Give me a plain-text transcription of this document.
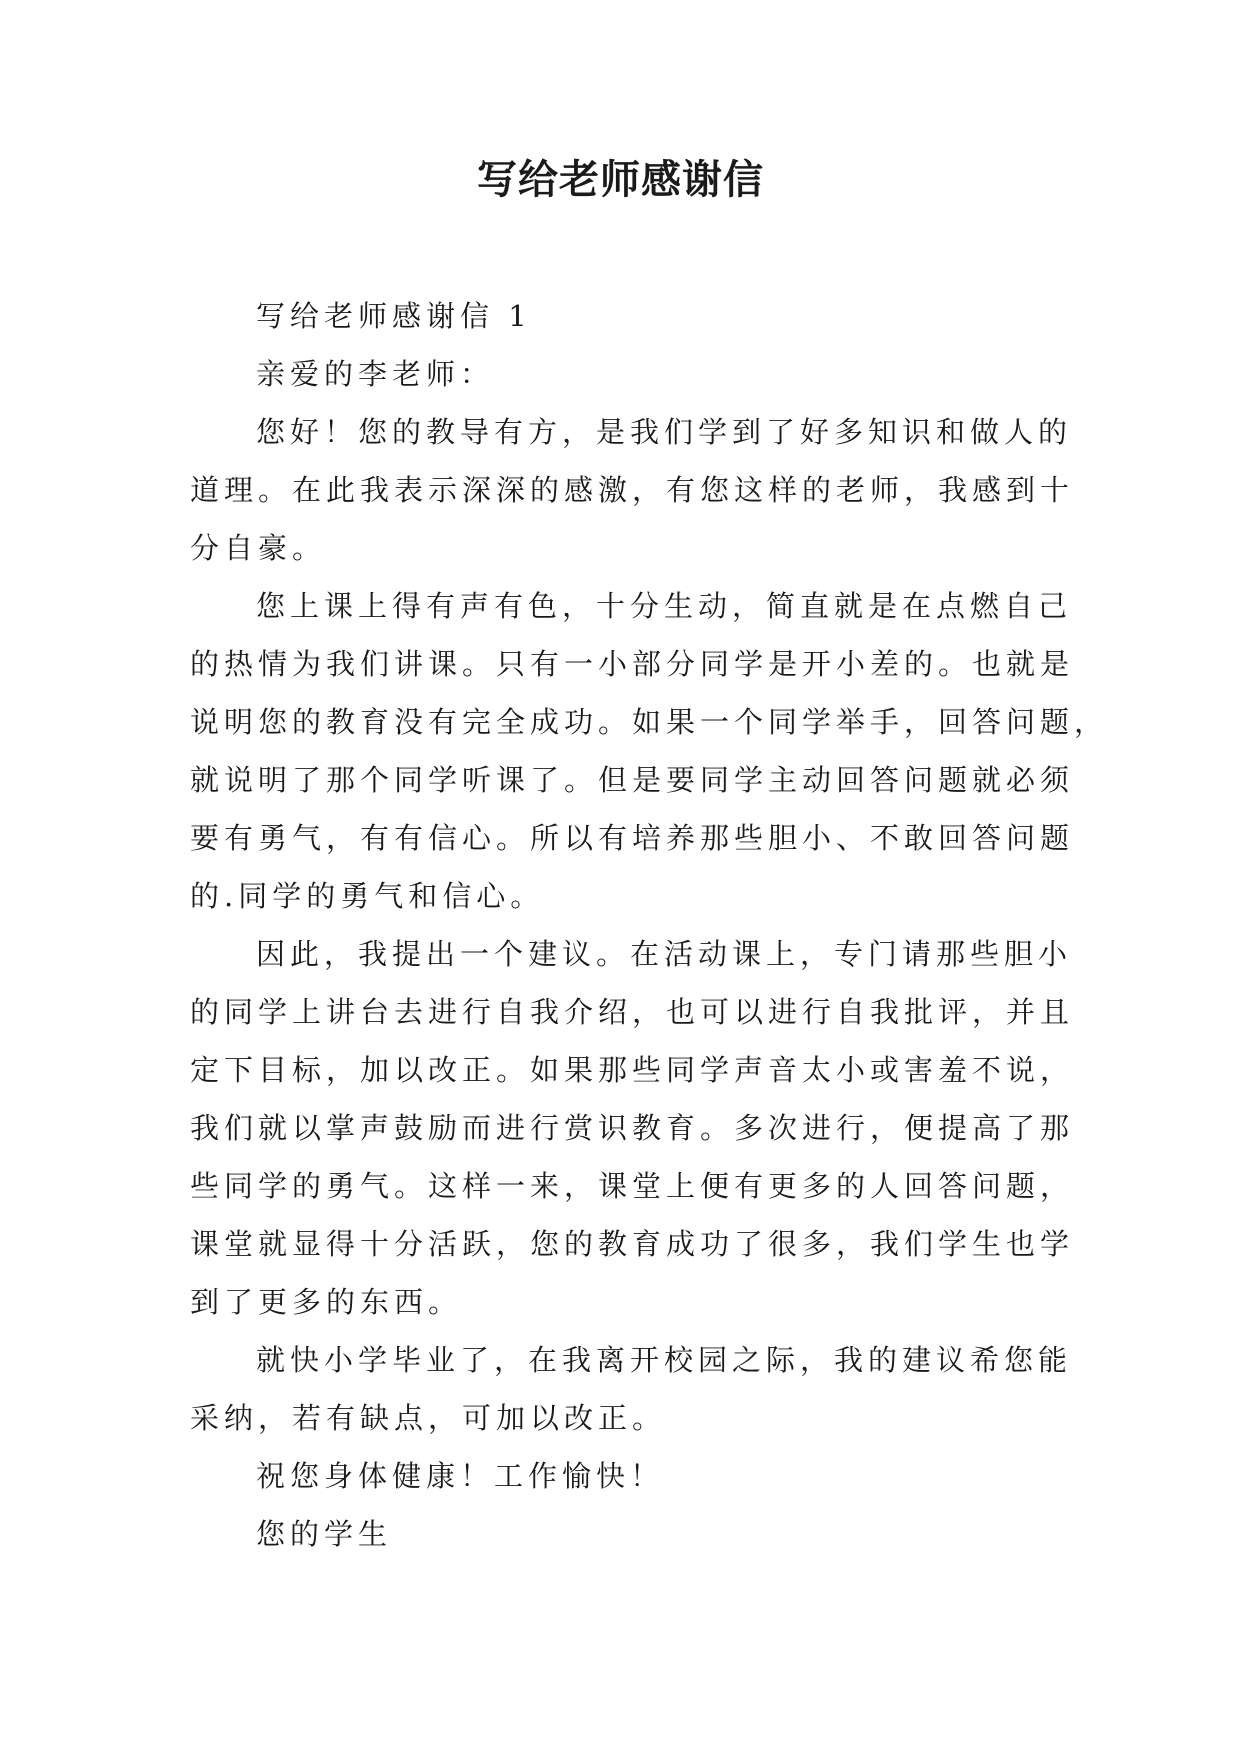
写给老师感谢信
写给老师感谢信 1
亲爱的李老师：
您好！您的教导有方，是我们学到了好多知识和做人的
道理。在此我表示深深的感激，有您这样的老师，我感到十
分自豪。
您上课上得有声有色，十分生动，简直就是在点燃自己
的热情为我们讲课。只有一小部分同学是开小差的。也就是
说明您的教育没有完全成功。如果一个同学举手，回答问题，
就说明了那个同学听课了。但是要同学主动回答问题就必须
要有勇气，有有信心。所以有培养那些胆小、不敢回答问题
的.同学的勇气和信心。
因此，我提出一个建议。在活动课上，专门请那些胆小
的同学上讲台去进行自我介绍，也可以进行自我批评，并且
定下目标，加以改正。如果那些同学声音太小或害羞不说，
我们就以掌声鼓励而进行赏识教育。多次进行，便提高了那
些同学的勇气。这样一来，课堂上便有更多的人回答问题，
课堂就显得十分活跃，您的教育成功了很多，我们学生也学
到了更多的东西。
就快小学毕业了，在我离开校园之际，我的建议希您能
采纳，若有缺点，可加以改正。
祝您身体健康！工作愉快！
您的学生
